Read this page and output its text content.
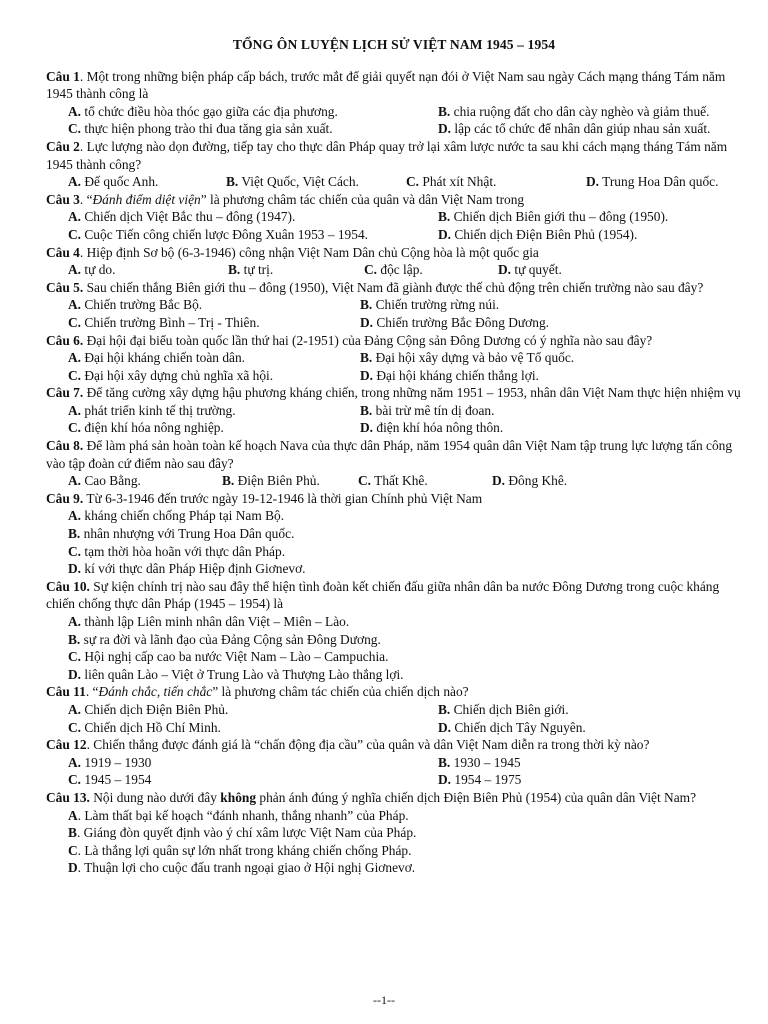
TỔNG ÔN LUYỆN LỊCH SỬ VIỆT NAM 1945 – 1954
Câu 1. Một trong những biện pháp cấp bách, trước mắt để giải quyết nạn đói ở Việt Nam sau ngày Cách mạng tháng Tám năm 1945 thành công là
A. tổ chức điều hòa thóc gạo giữa các địa phương.	B. chia ruộng đất cho dân cày nghèo và giảm thuế.
C. thực hiện phong trào thi đua tăng gia sản xuất.	D. lập các tổ chức để nhân dân giúp nhau sản xuất.
Câu 2. Lực lượng nào dọn đường, tiếp tay cho thực dân Pháp quay trở lại xâm lược nước ta sau khi cách mạng tháng Tám năm 1945 thành công?
A. Đế quốc Anh.	B. Việt Quốc, Việt Cách.	C. Phát xít Nhật.	D. Trung Hoa Dân quốc.
Câu 3. “Đánh điểm diệt viện” là phương châm tác chiến của quân và dân Việt Nam trong
A. Chiến dịch Việt Bắc thu – đông (1947).	B. Chiến dịch Biên giới thu – đông (1950).
C. Cuộc Tiến công chiến lược Đông Xuân 1953 – 1954.	D. Chiến dịch Điện Biên Phủ (1954).
Câu 4. Hiệp định Sơ bộ (6-3-1946) công nhận Việt Nam Dân chủ Cộng hòa là một quốc gia
A. tự do.	B. tự trị.	C. độc lập.	D. tự quyết.
Câu 5. Sau chiến thắng Biên giới thu – đông (1950), Việt Nam đã giành được thế chủ động trên chiến trường nào sau đây?
A. Chiến trường Bắc Bộ.	B. Chiến trường rừng núi.
C. Chiến trường Bình – Trị - Thiên.	D. Chiến trường Bắc Đông Dương.
Câu 6. Đại hội đại biểu toàn quốc lần thứ hai (2-1951) của Đảng Cộng sản Đông Dương có ý nghĩa nào sau đây?
A. Đại hội kháng chiến toàn dân.	B. Đại hội xây dựng và bảo vệ Tổ quốc.
C. Đại hội xây dựng chủ nghĩa xã hội.	D. Đại hội kháng chiến thắng lợi.
Câu 7. Để tăng cường xây dựng hậu phương kháng chiến, trong những năm 1951 – 1953, nhân dân Việt Nam thực hiện nhiệm vụ
A. phát triển kinh tế thị trường.	B. bài trừ mê tín dị đoan.
C. điện khí hóa nông nghiệp.	D. điện khí hóa nông thôn.
Câu 8. Để làm phá sản hoàn toàn kế hoạch Nava của thực dân Pháp, năm 1954 quân dân Việt Nam tập trung lực lượng tấn công vào tập đoàn cứ điểm nào sau đây?
A. Cao Bằng.	B. Điện Biên Phủ.	C. Thất Khê.	D. Đông Khê.
Câu 9. Từ 6-3-1946 đến trước ngày 19-12-1946 là thời gian Chính phủ Việt Nam
A. kháng chiến chống Pháp tại Nam Bộ.
B. nhân nhượng với Trung Hoa Dân quốc.
C. tạm thời hòa hoãn với thực dân Pháp.
D. kí với thực dân Pháp Hiệp định Giơnevơ.
Câu 10. Sự kiện chính trị nào sau đây thể hiện tình đoàn kết chiến đấu giữa nhân dân ba nước Đông Dương trong cuộc kháng chiến chống thực dân Pháp (1945 – 1954) là
A. thành lập Liên minh nhân dân Việt – Miên – Lào.
B. sự ra đời và lãnh đạo của Đảng Cộng sản Đông Dương.
C. Hội nghị cấp cao ba nước Việt Nam – Lào – Campuchia.
D. liên quân Lào – Việt ở Trung Lào và Thượng Lào thắng lợi.
Câu 11. “Đánh chắc, tiến chắc” là phương châm tác chiến của chiến dịch nào?
A. Chiến dịch Điện Biên Phủ.	B. Chiến dịch Biên giới.
C. Chiến dịch Hồ Chí Minh.	D. Chiến dịch Tây Nguyên.
Câu 12. Chiến thắng được đánh giá là “chấn động địa cầu” của quân và dân Việt Nam diễn ra trong thời kỳ nào?
A. 1919 – 1930	B. 1930 – 1945
C. 1945 – 1954	D. 1954 – 1975
Câu 13. Nội dung nào dưới đây không phản ánh đúng ý nghĩa chiến dịch Điện Biên Phủ (1954) của quân dân Việt Nam?
A. Làm thất bại kế hoạch “đánh nhanh, thắng nhanh” của Pháp.
B. Giáng đòn quyết định vào ý chí xâm lược Việt Nam của Pháp.
C. Là thắng lợi quân sự lớn nhất trong kháng chiến chống Pháp.
D. Thuận lợi cho cuộc đấu tranh ngoại giao ở Hội nghị Giơnevơ.
--1--
